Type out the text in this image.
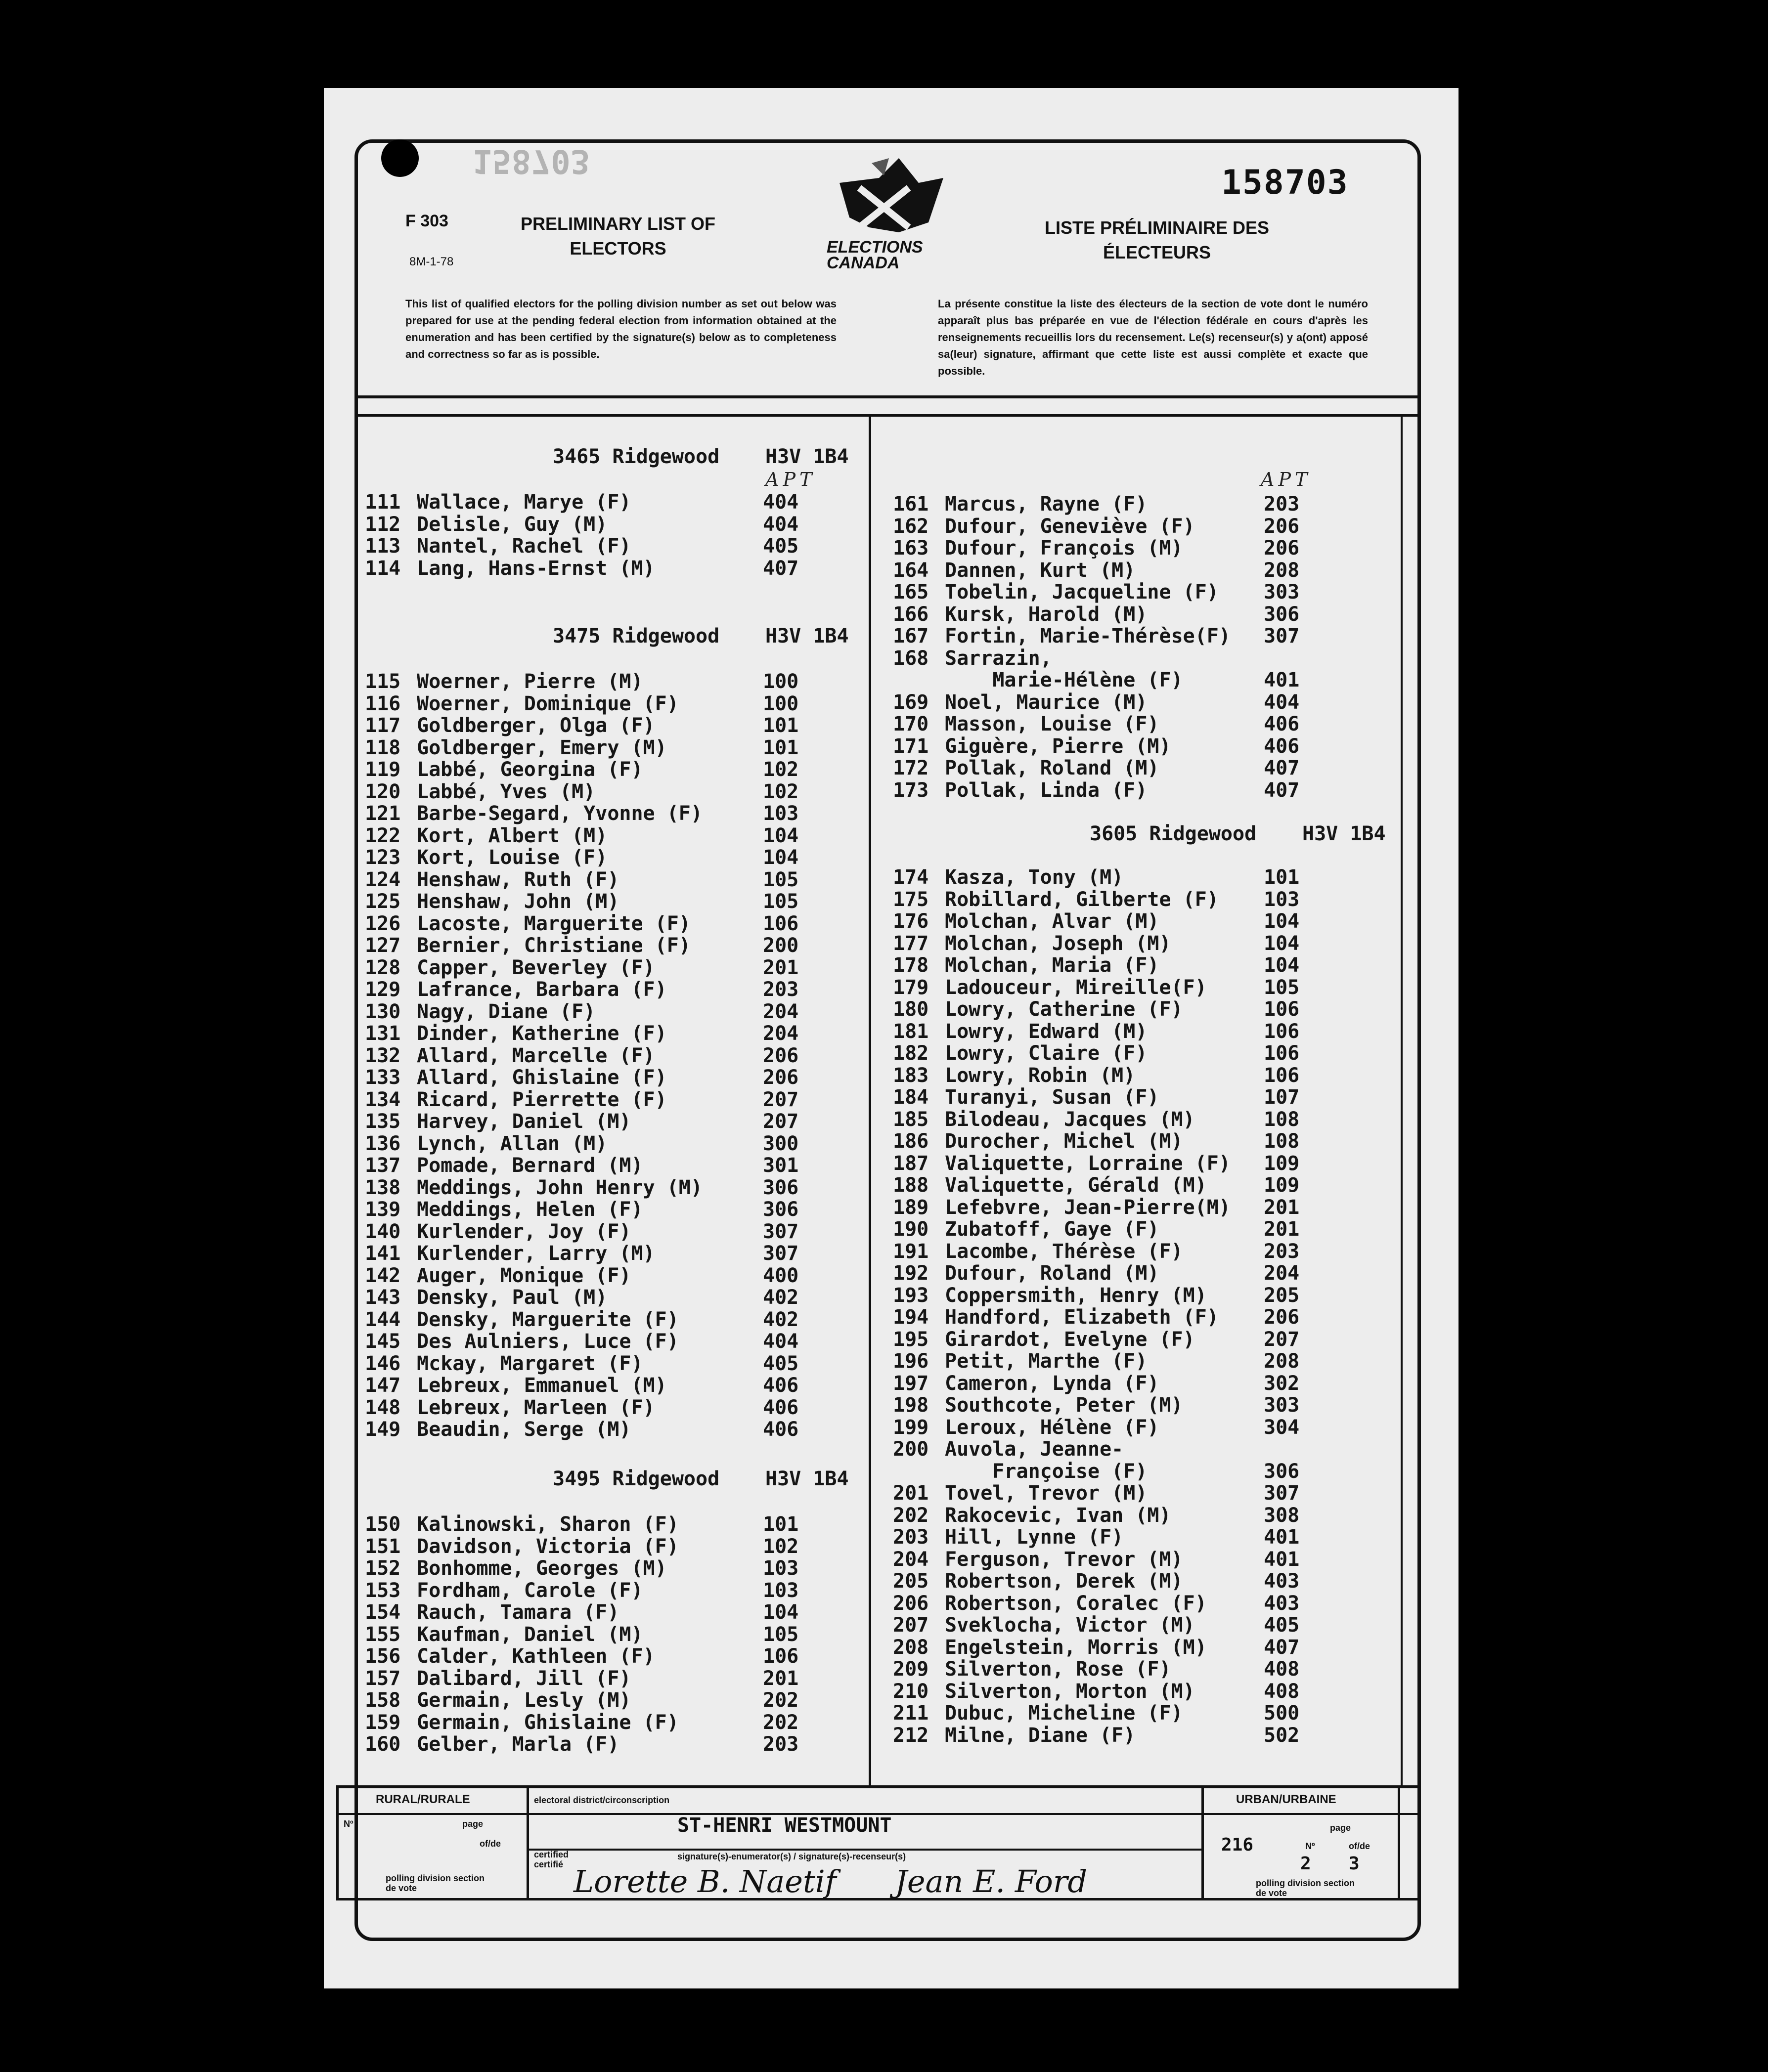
158703
158703
F 303
8M-1-78
PRELIMINARY LIST OF ELECTORS
LISTE PRÉLIMINAIRE DES ÉLECTEURS
ELECTIONS CANADA
This list of qualified electors for the polling division number as set out below was prepared for use at the pending federal election from information obtained at the enumeration and has been certified by the signature(s) below as to completeness and correctness so far as is possible.
La présente constitue la liste des électeurs de la section de vote dont le numéro apparaît plus bas préparée en vue de l'élection fédérale en cours d'après les renseignements recueillis lors du recensement. Le(s) recenseur(s) y a(ont) apposé sa(leur) signature, affirmant que cette liste est aussi complète et exacte que possible.
3465 Ridgewood H3V 1B4
111 Wallace, Marye (F)	404
112 Delisle, Guy (M)	404
113 Nantel, Rachel (F)	405
114 Lang, Hans-Ernst (M)	407
3475 Ridgewood H3V 1B4
115 Woerner, Pierre (M)	100
116 Woerner, Dominique (F)	100
117 Goldberger, Olga (F)	101
118 Goldberger, Emery (M)	101
119 Labbé, Georgina (F)	102
120 Labbé, Yves (M)	102
121 Barbe-Segard, Yvonne (F)	103
122 Kort, Albert (M)	104
123 Kort, Louise (F)	104
124 Henshaw, Ruth (F)	105
125 Henshaw, John (M)	105
126 Lacoste, Marguerite (F)	106
127 Bernier, Christiane (F)	200
128 Capper, Beverley (F)	201
129 Lafrance, Barbara (F)	203
130 Nagy, Diane (F)	204
131 Dinder, Katherine (F)	204
132 Allard, Marcelle (F)	206
133 Allard, Ghislaine (F)	206
134 Ricard, Pierrette (F)	207
135 Harvey, Daniel (M)	207
136 Lynch, Allan (M)	300
137 Pomade, Bernard (M)	301
138 Meddings, John Henry (M)	306
139 Meddings, Helen (F)	306
140 Kurlender, Joy (F)	307
141 Kurlender, Larry (M)	307
142 Auger, Monique (F)	400
143 Densky, Paul (M)	402
144 Densky, Marguerite (F)	402
145 Des Aulniers, Luce (F)	404
146 Mckay, Margaret (F)	405
147 Lebreux, Emmanuel (M)	406
148 Lebreux, Marleen (F)	406
149 Beaudin, Serge (M)	406
3495 Ridgewood H3V 1B4
150 Kalinowski, Sharon (F)	101
151 Davidson, Victoria (F)	102
152 Bonhomme, Georges (M)	103
153 Fordham, Carole (F)	103
154 Rauch, Tamara (F)	104
155 Kaufman, Daniel (M)	105
156 Calder, Kathleen (F)	106
157 Dalibard, Jill (F)	201
158 Germain, Lesly (M)	202
159 Germain, Ghislaine (F)	202
160 Gelber, Marla (F)	203
161 Marcus, Rayne (F)	203
162 Dufour, Geneviève (F)	206
163 Dufour, François (M)	206
164 Dannen, Kurt (M)	208
165 Tobelin, Jacqueline (F) 303
166 Kursk, Harold (M)	306
167 Fortin, Marie-Thérèse(F) 307
168 Sarrazin,
Marie-Hélène (F)	401
169 Noel, Maurice (M)	404
170 Masson, Louise (F)	406
171 Giguère, Pierre (M)	406
172 Pollak, Roland (M)	407
173 Pollak, Linda (F)	407
3605 Ridgewood H3V 1B4
174 Kasza, Tony (M)	101
175 Robillard, Gilberte (F) 103
176 Molchan, Alvar (M)	104
177 Molchan, Joseph (M)	104
178 Molchan, Maria (F)	104
179 Ladouceur, Mireille(F)	105
180 Lowry, Catherine (F)	106
181 Lowry, Edward (M)	106
182 Lowry, Claire (F)	106
183 Lowry, Robin (M)	106
184 Turanyi, Susan (F)	107
185 Bilodeau, Jacques (M)	108
186 Durocher, Michel (M)	108
187 Valiquette, Lorraine (F) 109
188 Valiquette, Gérald (M)	109
189 Lefebvre, Jean-Pierre(M) 201
190 Zubatoff, Gaye (F)	201
191 Lacombe, Thérèse (F)	203
192 Dufour, Roland (M)	204
193 Coppersmith, Henry (M)	205
194 Handford, Elizabeth (F) 206
195 Girardot, Evelyne (F)	207
196 Petit, Marthe (F)	208
197 Cameron, Lynda (F)	302
198 Southcote, Peter (M)	303
199 Leroux, Hélène (F)	304
200 Auvola, Jeanne-
Françoise (F)	306
201 Tovel, Trevor (M)	307
202 Rakocevic, Ivan (M)	308
203 Hill, Lynne (F)	401
204 Ferguson, Trevor (M)	401
205 Robertson, Derek (M)	403
206 Robertson, Coralec (F)	403
207 Sveklocha, Victor (M)	405
208 Engelstein, Morris (M)	407
209 Silverton, Rose (F)	408
210 Silverton, Morton (M)	408
211 Dubuc, Micheline (F)	500
212 Milne, Diane (F)	502
APT	APT
RURAL/RURALE	URBAN/URBAINE
electoral district/circonscription
ST-HENRI WESTMOUNT
signature(s)-enumerator(s) / signature(s)-recenseur(s)
certified certifié
Nº	page
of/de
polling division section de vote
Nº
page
of/de
polling division section de vote
216
2 3
Lorette B. Naetif Jean E. Ford
